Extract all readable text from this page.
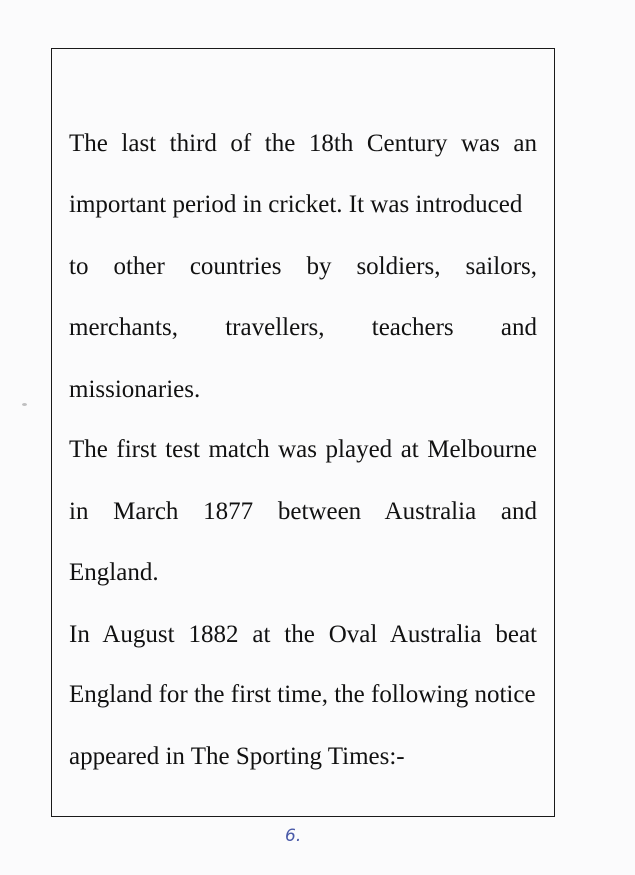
The last third of the 18th Century was an
important period in cricket. It was introduced
to other countries by soldiers, sailors,
merchants, travellers, teachers and
missionaries.
The first test match was played at Melbourne
in March 1877 between Australia and
England.
In August 1882 at the Oval Australia beat
England for the first time, the following notice
appeared in The Sporting Times:-
6.
